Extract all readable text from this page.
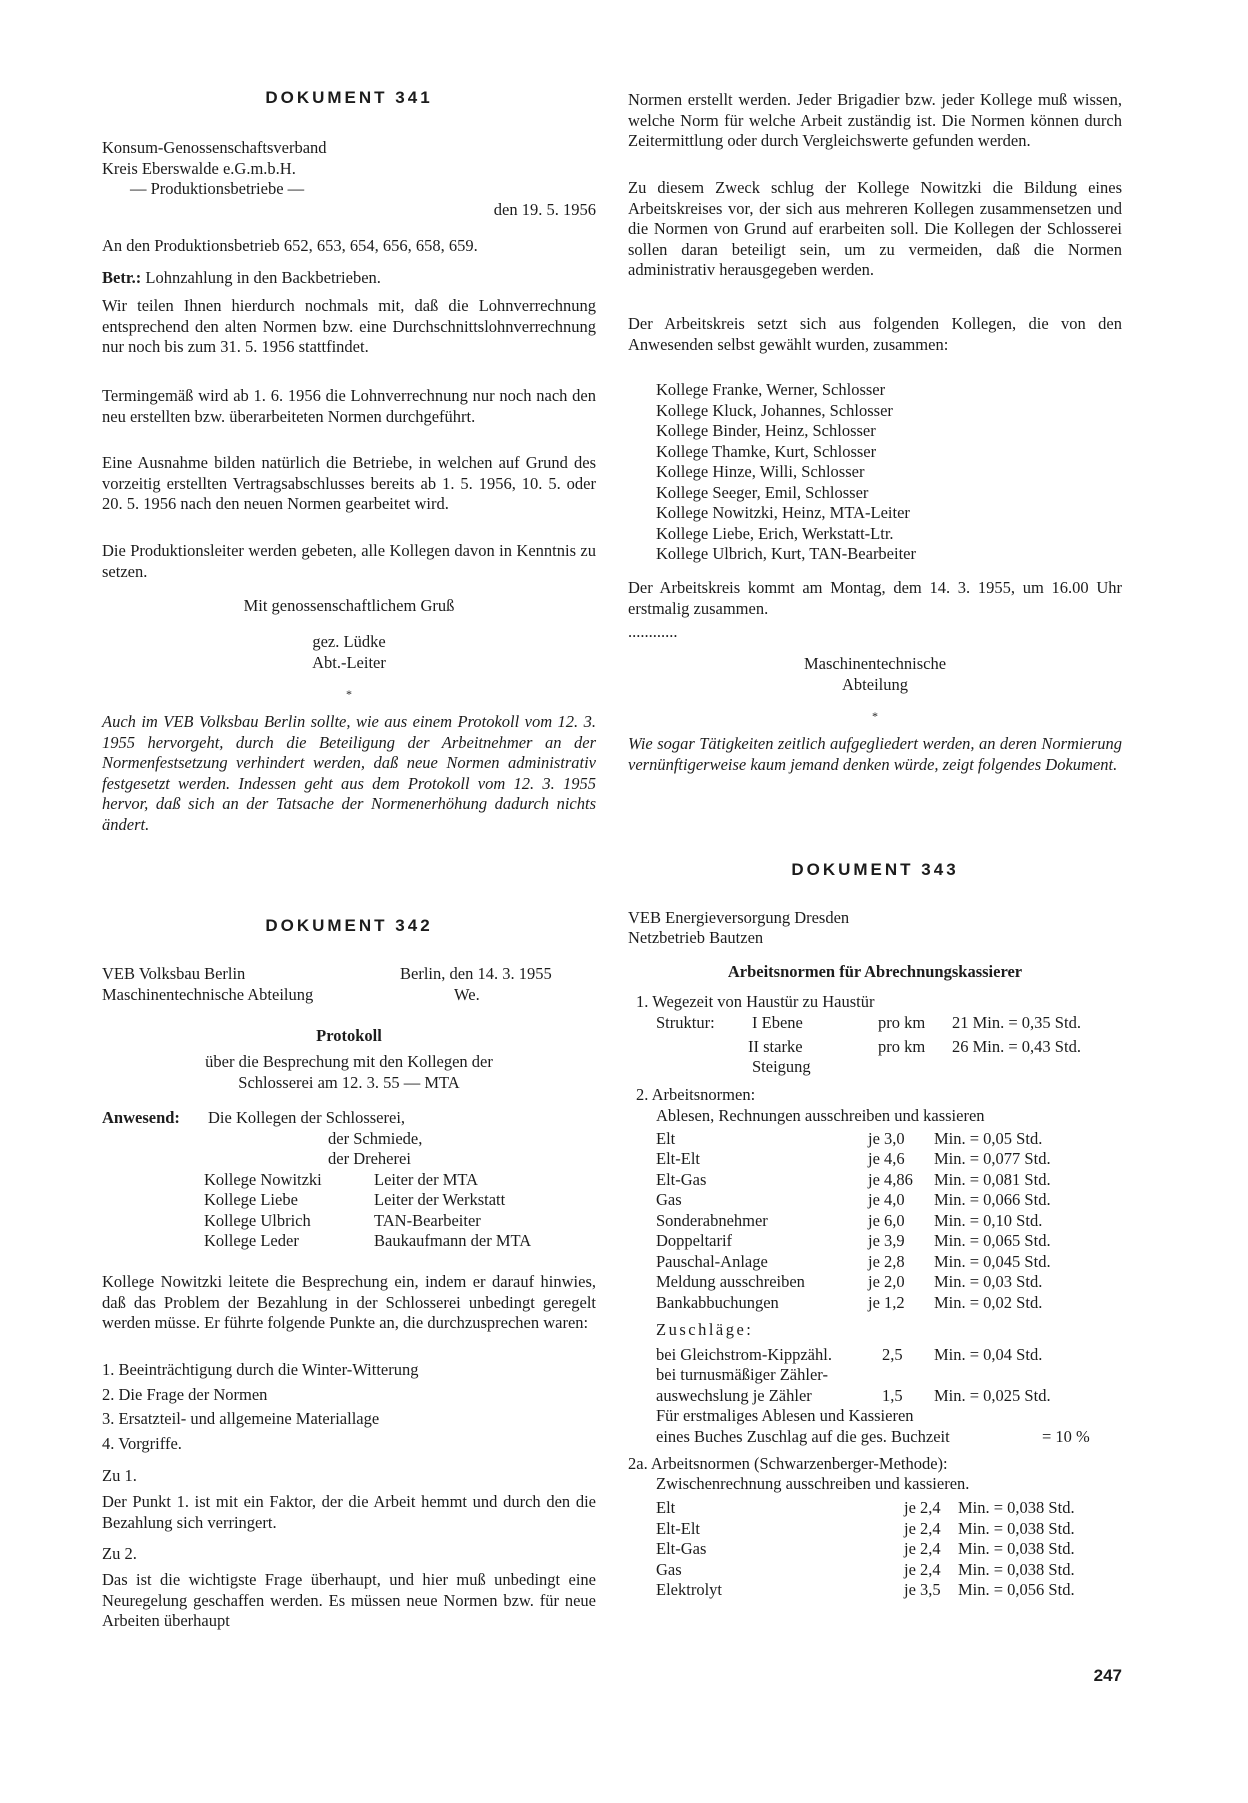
DOKUMENT 341

Konsum-Genossenschaftsverband

Kreis Eberswalde e.G.m.b.H.

— Produktionsbetriebe —

den 19. 5. 1956

An den Produktionsbetrieb 652, 653, 654, 656, 658, 659.
Betr.: Lohnzahlung in den Backbetrieben.

Wir teilen Ihnen hierdurch nochmals mit, daß die Lohnverrechnung entsprechend den alten Normen bzw. eine Durchschnittslohnverrechnung nur noch bis zum 31. 5. 1956 stattfindet.

Termingemäß wird ab 1. 6. 1956 die Lohnverrechnung nur noch nach den neu erstellten bzw. überarbeiteten Normen durchgeführt.

Eine Ausnahme bilden natürlich die Betriebe, in welchen auf Grund des vorzeitig erstellten Vertragsabschlusses bereits ab 1. 5. 1956, 10. 5. oder 20. 5. 1956 nach den neuen Normen gearbeitet wird.

Die Produktionsleiter werden gebeten, alle Kollegen davon in Kenntnis zu setzen.

Mit genossenschaftlichem Gruß
gez. Lüdke
Abt.-Leiter
*

Auch im VEB Volksbau Berlin sollte, wie aus einem Protokoll vom 12. 3. 1955 hervorgeht, durch die Beteiligung der Arbeitnehmer an der Normenfestsetzung verhindert werden, daß neue Normen administrativ festgesetzt werden. Indessen geht aus dem Protokoll vom 12. 3. 1955 hervor, daß sich an der Tatsache der Normenerhöhung dadurch nichts ändert.

DOKUMENT 342
VEB Volksbau Berlin	Berlin, den 14. 3. 1955
Maschinentechnische Abteilung	We.
Protokoll
über die Besprechung mit den Kollegen der
Schlosserei am 12. 3. 55 — MTA
Anwesend: Die Kollegen der Schlosserei,
der Schmiede,
der Dreherei
Kollege Nowitzki	Leiter der MTA
Kollege Liebe	Leiter der Werkstatt
Kollege Ulbrich	TAN-Bearbeiter
Kollege Leder	Baukaufmann der MTA

Kollege Nowitzki leitete die Besprechung ein, indem er darauf hinwies, daß das Problem der Bezahlung in der Schlosserei unbedingt geregelt werden müsse. Er führte folgende Punkte an, die durchzusprechen waren:

1. Beeinträchtigung durch die Winter-Witterung
2. Die Frage der Normen
3. Ersatzteil- und allgemeine Materiallage
4. Vorgriffe.
Zu 1.

Der Punkt 1. ist mit ein Faktor, der die Arbeit hemmt und durch den die Bezahlung sich verringert.

Zu 2.

Das ist die wichtigste Frage überhaupt, und hier muß unbedingt eine Neuregelung geschaffen werden. Es müssen neue Normen bzw. für neue Arbeiten überhaupt

Normen erstellt werden. Jeder Brigadier bzw. jeder Kollege muß wissen, welche Norm für welche Arbeit zuständig ist. Die Normen können durch Zeitermittlung oder durch Vergleichswerte gefunden werden.

Zu diesem Zweck schlug der Kollege Nowitzki die Bildung eines Arbeitskreises vor, der sich aus mehreren Kollegen zusammensetzen und die Normen von Grund auf erarbeiten soll. Die Kollegen der Schlosserei sollen daran beteiligt sein, um zu vermeiden, daß die Normen administrativ herausgegeben werden.

Der Arbeitskreis setzt sich aus folgenden Kollegen, die von den Anwesenden selbst gewählt wurden, zusammen:

Kollege Franke, Werner, Schlosser

Kollege Kluck, Johannes, Schlosser

Kollege Binder, Heinz, Schlosser

Kollege Thamke, Kurt, Schlosser

Kollege Hinze, Willi, Schlosser

Kollege Seeger, Emil, Schlosser

Kollege Nowitzki, Heinz, MTA-Leiter

Kollege Liebe, Erich, Werkstatt-Ltr.

Kollege Ulbrich, Kurt, TAN-Bearbeiter

Der Arbeitskreis kommt am Montag, dem 14. 3. 1955, um 16.00 Uhr erstmalig zusammen.

............
Maschinentechnische
Abteilung
*

Wie sogar Tätigkeiten zeitlich aufgegliedert werden, an deren Normierung vernünftigerweise kaum jemand denken würde, zeigt folgendes Dokument.

DOKUMENT 343
VEB Energieversorgung Dresden
Netzbetrieb Bautzen
Arbeitsnormen für Abrechnungskassierer
1. Wegezeit von Haustür zu Haustür
Struktur: I Ebene	pro km 21 Min. = 0,35 Std.
II starke	pro km 26 Min. = 0,43 Std.
Steigung
2. Arbeitsnormen:
Ablesen, Rechnungen ausschreiben und kassieren
Elt	je 3,0 Min. = 0,05 Std.
Elt-Elt	je 4,6 Min. = 0,077 Std.
Elt-Gas	je 4,86 Min. = 0,081 Std.
Gas	je 4,0 Min. = 0,066 Std.
Sonderabnehmer	je 6,0 Min. = 0,10 Std.
Doppeltarif	je 3,9 Min. = 0,065 Std.
Pauschal-Anlage	je 2,8 Min. = 0,045 Std.
Meldung ausschreiben	je 2,0 Min. = 0,03 Std.
Bankabbuchungen	je 1,2 Min. = 0,02 Std.
Zuschläge:
bei Gleichstrom-Kippzähl.	2,5 Min. = 0,04 Std.
bei turnusmäßiger Zähler-
auswechslung je Zähler	1,5 Min. = 0,025 Std.
Für erstmaliges Ablesen und Kassieren
eines Buches Zuschlag auf die ges. Buchzeit	= 10 %
2a. Arbeitsnormen (Schwarzenberger-Methode):
Zwischenrechnung ausschreiben und kassieren.
Elt	je 2,4 Min. = 0,038 Std.
Elt-Elt	je 2,4 Min. = 0,038 Std.
Elt-Gas	je 2,4 Min. = 0,038 Std.
Gas	je 2,4 Min. = 0,038 Std.
Elektrolyt	je 3,5 Min. = 0,056 Std.
247
